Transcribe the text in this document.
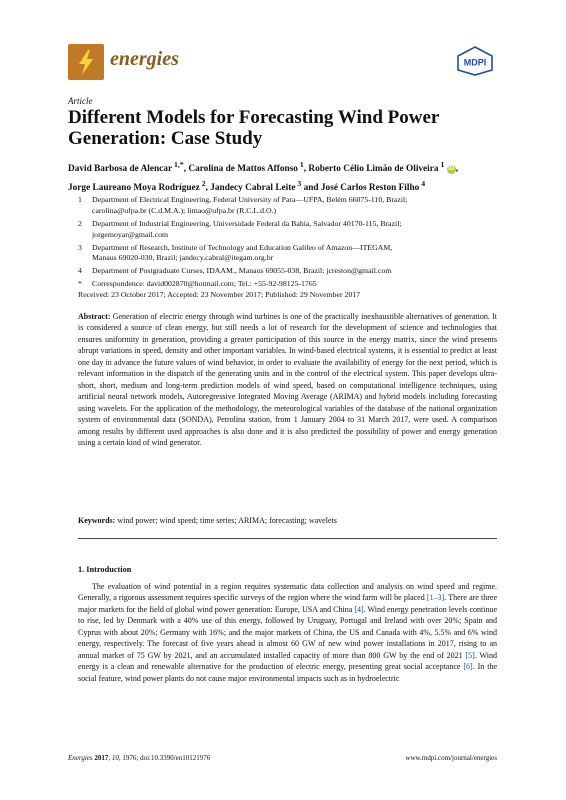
energies	MDPI
Article
Different Models for Forecasting Wind Power Generation: Case Study
David Barbosa de Alencar $^{1,*}$, Carolina de Mattos Affonso $^1$, Roberto Célio Limão de Oliveira $^1$ iD ,
Jorge Laureano Moya Rodríguez $^2$, Jandecy Cabral Leite $^3$ and José Carlos Reston Filho $^4$
1 Department of Electrical Engineering, Federal University of Para—UFPA, Belém 66075-110, Brazil;
carolina@ufpa.br (C.d.M.A.); limao@ufpa.br (R.C.L.d.O.)
2 Department of Industrial Engineering, Universidade Federal da Bahia, Salvador 40170-115, Brazil;
jorgemoyar@gmail.com
3 Department of Research, Institute of Technology and Education Galileo of Amazon—ITEGAM,
Manaus 69020-030, Brazil; jandecy.cabral@itegam.org.br
4 Department of Postgraduate Curses, IDAAM., Manaus 69055-038, Brazil; jcreston@gmail.com
* Correspondence: david002870@hotmail.com; Tel.: +55-92-98125-1765
Received: 23 October 2017; Accepted: 23 November 2017; Published: 29 November 2017
Abstract: Generation of electric energy through wind turbines is one of the practically inexhaustible alternatives of generation. It is considered a source of clean energy, but still needs a lot of research for the development of science and technologies that ensures uniformity in generation, providing a greater participation of this source in the energy matrix, since the wind presents abrupt variations in speed, density and other important variables. In wind-based electrical systems, it is essential to predict at least one day in advance the future values of wind behavior, in order to evaluate the availability of energy for the next period, which is relevant information in the dispatch of the generating units and in the control of the electrical system. This paper develops ultra-short, short, medium and long-term prediction models of wind speed, based on computational intelligence techniques, using artificial neural network models, Autoregressive Integrated Moving Average (ARIMA) and hybrid models including forecasting using wavelets. For the application of the methodology, the meteorological variables of the database of the national organization system of environmental data (SONDA), Petrolina station, from 1 January 2004 to 31 March 2017, were used. A comparison among results by different used approaches is also done and it is also predicted the possibility of power and energy generation using a certain kind of wind generator.
Keywords: wind power; wind speed; time series; ARIMA; forecasting; wavelets
1. Introduction
The evaluation of wind potential in a region requires systematic data collection and analysis on wind speed and regime. Generally, a rigorous assessment requires specific surveys of the region where the wind farm will be placed [1–3]. There are three major markets for the field of global wind power generation: Europe, USA and China [4]. Wind energy penetration levels continue to rise, led by Denmark with a 40% use of this energy, followed by Uruguay, Portugal and Ireland with over 20%; Spain and Cyprus with about 20%; Germany with 16%; and the major markets of China, the US and Canada with 4%, 5.5% and 6% wind energy, respectively. The forecast of five years ahead is almost 60 GW of new wind power installations in 2017, rising to an annual market of 75 GW by 2021, and an accumulated installed capacity of more than 800 GW by the end of 2021 [5]. Wind energy is a clean and renewable alternative for the production of electric energy, presenting great social acceptance [6]. In the social feature, wind power plants do not cause major environmental impacts such as in hydroelectric
Energies 2017, 10, 1976; doi:10.3390/en10121976	www.mdpi.com/journal/energies
